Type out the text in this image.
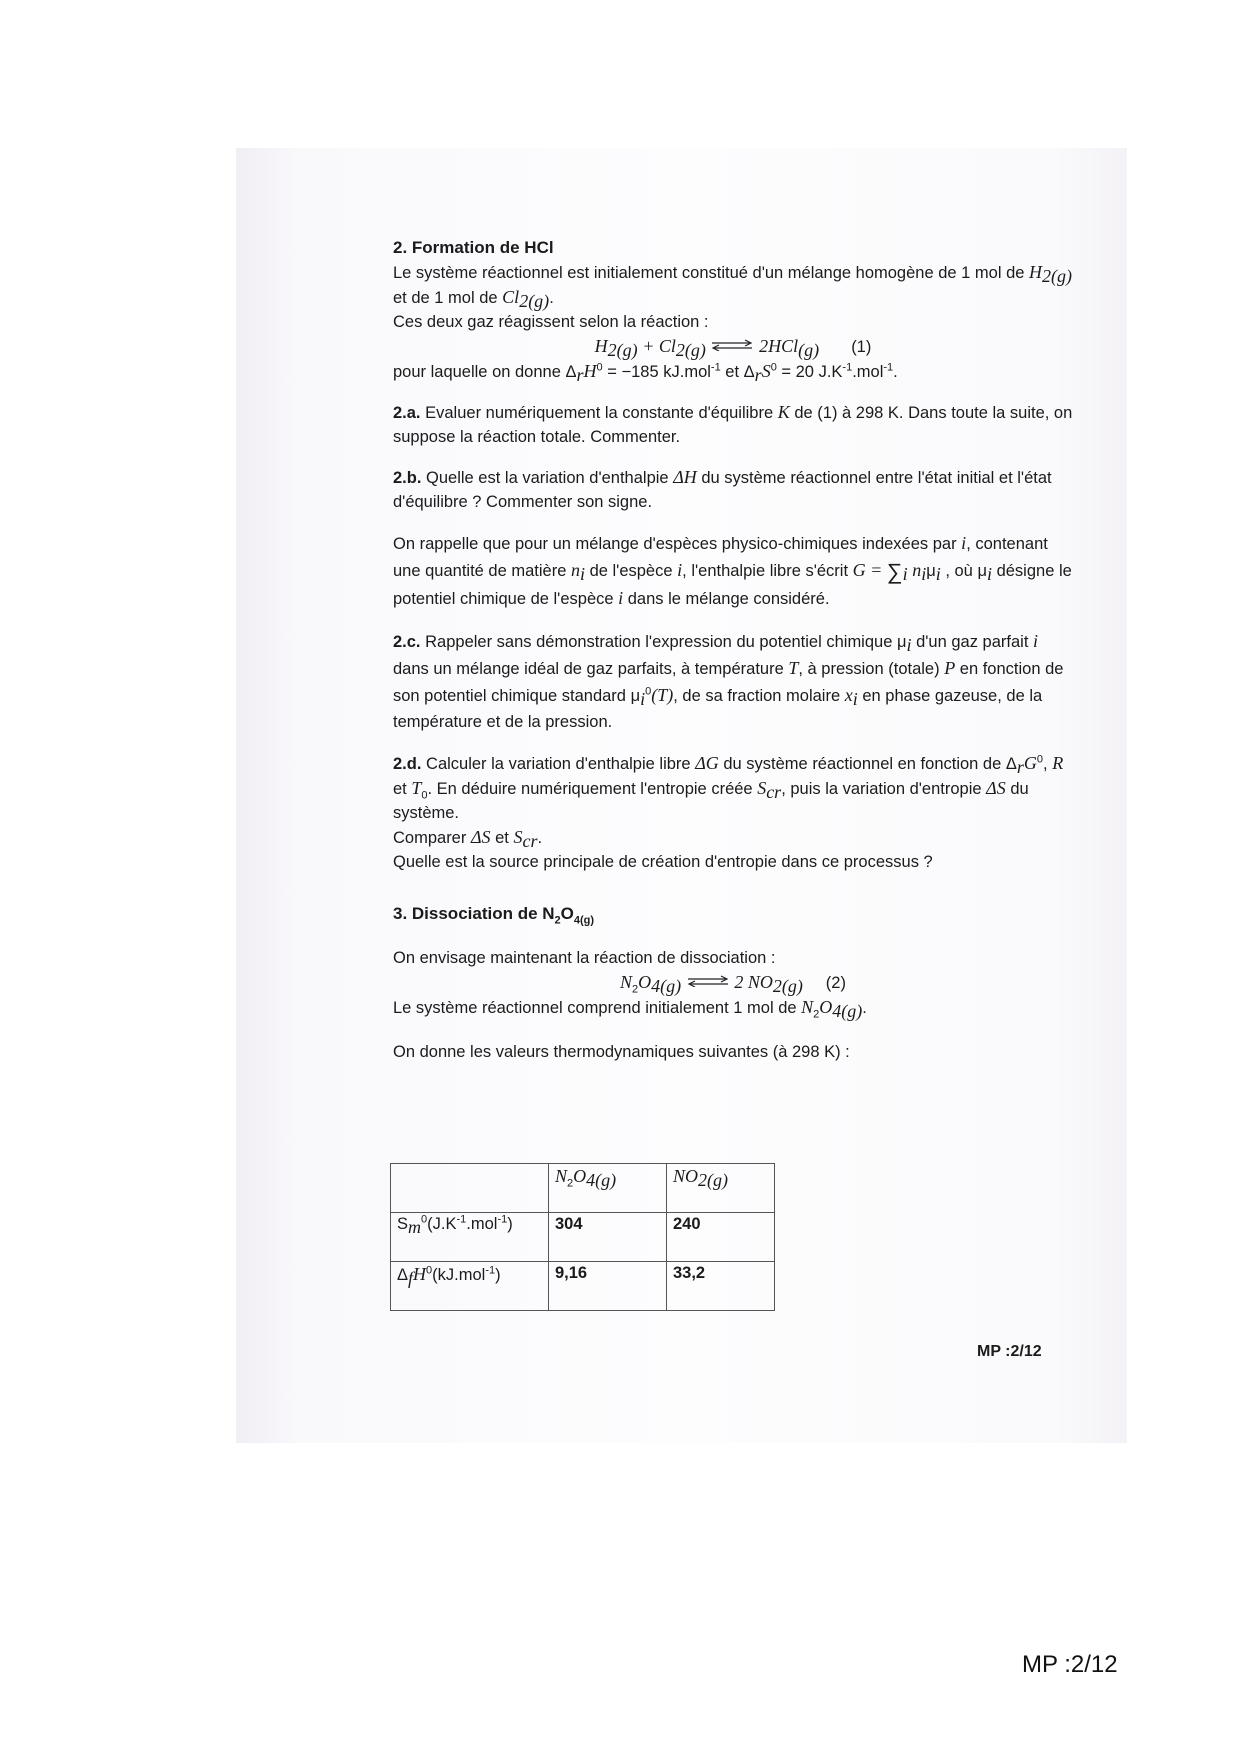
2. Formation de HCl

Le système réactionnel est initialement constitué d'un mélange homogène de 1 mol de $H_{2(g)}$ et de 1 mol de $Cl_{2(g)}$.

Ces deux gaz réagissent selon la réaction :

$H_{2(g)} + Cl_{2(g)}$ ⇌ 2HCl$_{(g)}$ (1)

pour laquelle on donne $\Delta_rH^0 = -185$ kJ.mol$^{-1}$ et $\Delta_rS^0 = 20$ $J.K^{-1}.mol^{-1}$.

2.a. Evaluer numériquement la constante d'équilibre K de (1) à 298 K. Dans toute la suite, on suppose la réaction totale. Commenter.

2.b. Quelle est la variation d'enthalpie ΔH du système réactionnel entre l'état initial et l'état d'équilibre ? Commenter son signe.

On rappelle que pour un mélange d'espèces physico-chimiques indexées par i, contenant une quantité de matière $n_i$ de l'espèce i, l'enthalpie libre s'écrit $G = \sum_i$ $n_i\mu_i$ , où $\mu_i$ désigne le potentiel chimique de l'espèce i dans le mélange considéré.

2.c. Rappeler sans démonstration l'expression du potentiel chimique $\mu_i$ d'un gaz parfait i dans un mélange idéal de gaz parfaits, à température T, à pression (totale) P en fonction de son potentiel chimique standard $\mu_i^0(T)$, de sa fraction molaire $x_i$ en phase gazeuse, de la température et de la pression.

2.d. Calculer la variation d'enthalpie libre ΔG du système réactionnel en fonction de $\Delta_rG^0$, R et $T_0$. En déduire numériquement l'entropie créée $S_{cr}$, puis la variation d'entropie ΔS du système.

Comparer ΔS et $S_{cr}$.

Quelle est la source principale de création d'entropie dans ce processus ?

3. Dissociation de $N_2O_{4(g)}$

On envisage maintenant la réaction de dissociation :

$N_2O_{4(g)}$ ⇌ 2 $NO_{2(g)}$ (2)

Le système réactionnel comprend initialement 1 mol de $N_2O_{4(g)}$.

On donne les valeurs thermodynamiques suivantes (à 298 K) :

	$N_2O_{4(g)}$	$NO_{2(g)}$
$S_m^0(J.K^{-1}.mol^{-1})$	304	240
$\Delta_fH^0(kJ.mol^{-1})$	9,16	33,2
MP :2/12
MP :2/12
